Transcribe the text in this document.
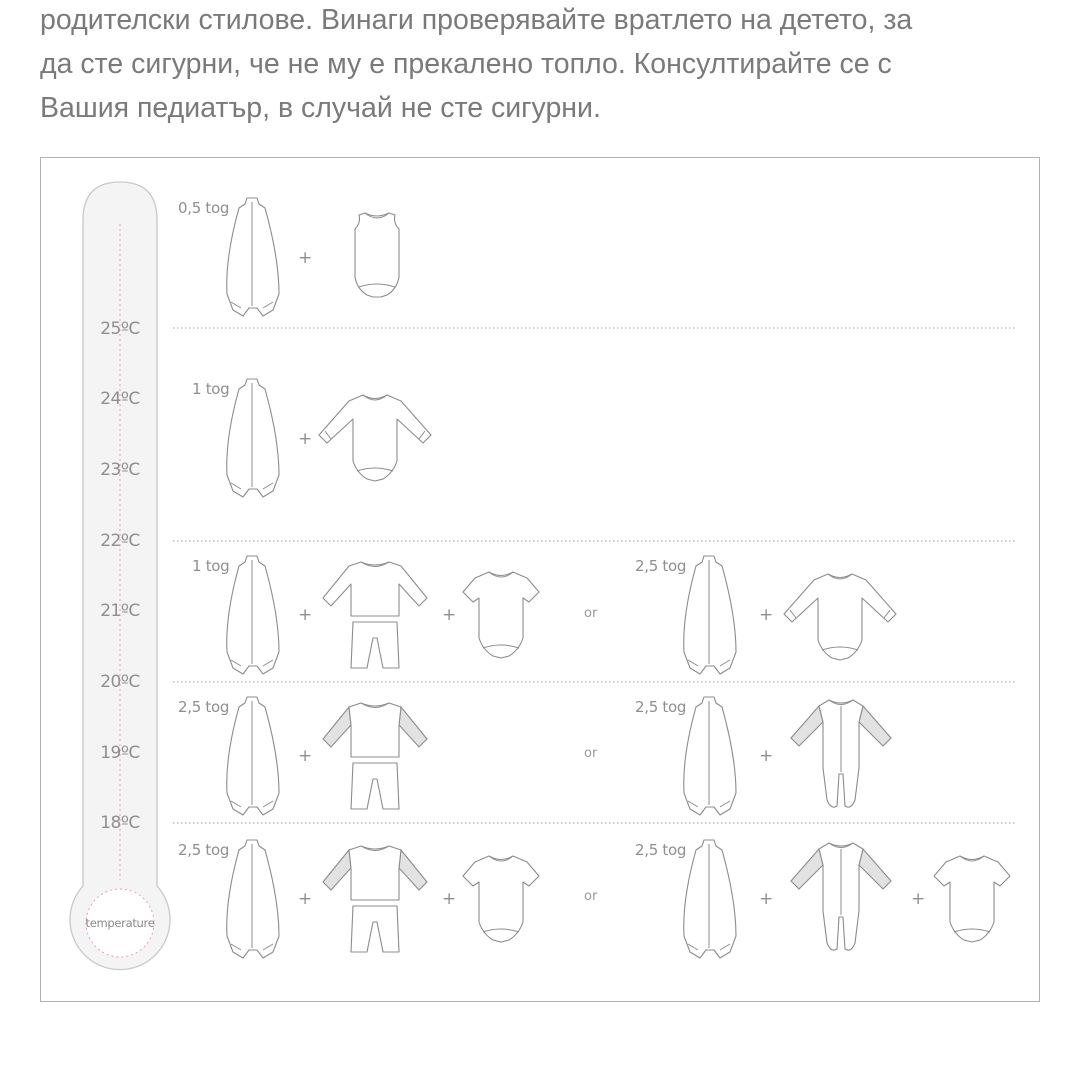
родителски стилове. Винаги проверявайте вратлето на детето, за
да сте сигурни, че не му е прекалено топло. Консултирайте се с
Вашия педиатър, в случай не сте сигурни.
temperature
25ºC
24ºC
23ºC
22ºC
21ºC
20ºC
19ºC
18ºC
0,5 tog
+
1 tog
+
1 tog
+	+	or
2,5 tog
+
2,5 tog
+	or
2,5 tog
+
2,5 tog
+	+	or
2,5 tog
+	+
